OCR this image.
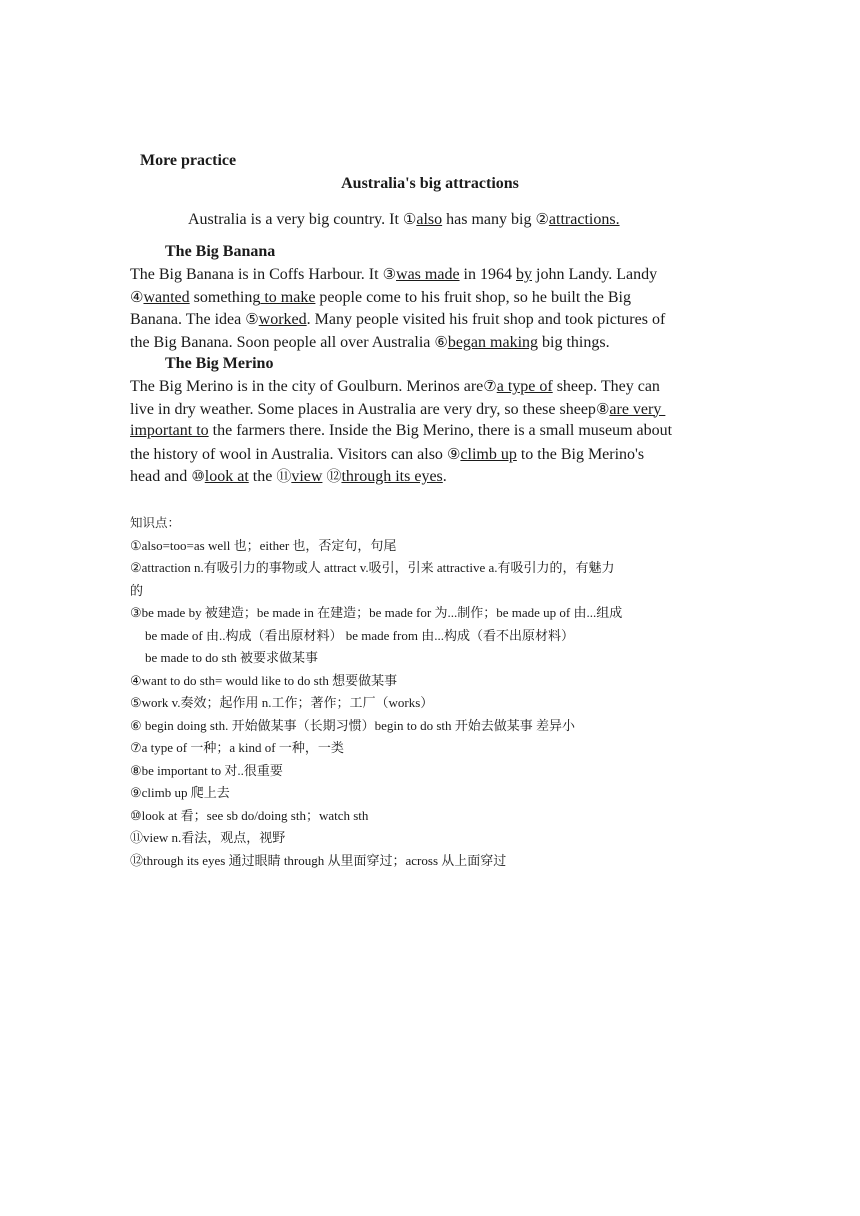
More practice
Australia's big attractions
Australia is a very big country. It ①also has many big ②attractions.
The Big Banana
The Big Banana is in Coffs Harbour. It ③was made in 1964 by john Landy. Landy
④wanted something to make people come to his fruit shop, so he built the Big
Banana. The idea ⑤worked. Many people visited his fruit shop and took pictures of
the Big Banana. Soon people all over Australia ⑥began making big things.
The Big Merino
The Big Merino is in the city of Goulburn. Merinos are⑦a type of sheep. They can
live in dry weather. Some places in Australia are very dry, so these sheep⑧are very
important to the farmers there. Inside the Big Merino, there is a small museum about
the history of wool in Australia. Visitors can also ⑨climb up to the Big Merino's
head and ⑩look at the ⑪view ⑫through its eyes.
知识点：
①also=too=as well 也；either 也，否定句，句尾
②attraction n.有吸引力的事物或人 attract v.吸引，引来 attractive a.有吸引力的，有魅力
的
③be made by 被建造；be made in 在建造；be made for 为...制作；be made up of 由...组成
be made of 由..构成（看出原材料） be made from 由...构成（看不出原材料）
be made to do sth 被要求做某事
④want to do sth= would like to do sth 想要做某事
⑤work v.奏效；起作用 n.工作；著作；工厂（works）
⑥ begin doing sth. 开始做某事（长期习惯）begin to do sth 开始去做某事 差异小
⑦a type of 一种；a kind of 一种，一类
⑧be important to 对..很重要
⑨climb up 爬上去
⑩look at 看；see sb do/doing sth；watch sth
⑪view n.看法，观点，视野
⑫through its eyes 通过眼睛 through 从里面穿过；across 从上面穿过
